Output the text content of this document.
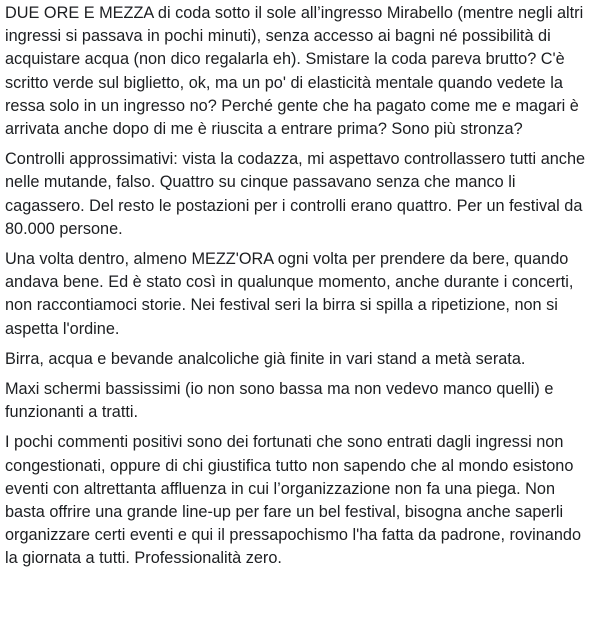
DUE ORE E MEZZA di coda sotto il sole all’ingresso Mirabello (mentre negli altri ingressi si passava in pochi minuti), senza accesso ai bagni né possibilità di acquistare acqua (non dico regalarla eh). Smistare la coda pareva brutto? C'è scritto verde sul biglietto, ok, ma un po' di elasticità mentale quando vedete la ressa solo in un ingresso no? Perché gente che ha pagato come me e magari è arrivata anche dopo di me è riuscita a entrare prima? Sono più stronza?

Controlli approssimativi: vista la codazza, mi aspettavo controllassero tutti anche nelle mutande, falso. Quattro su cinque passavano senza che manco li cagassero. Del resto le postazioni per i controlli erano quattro. Per un festival da 80.000 persone.

Una volta dentro, almeno MEZZ'ORA ogni volta per prendere da bere, quando andava bene. Ed è stato così in qualunque momento, anche durante i concerti, non raccontiamoci storie. Nei festival seri la birra si spilla a ripetizione, non si aspetta l'ordine.

Birra, acqua e bevande analcoliche già finite in vari stand a metà serata.

Maxi schermi bassissimi (io non sono bassa ma non vedevo manco quelli) e funzionanti a tratti.

I pochi commenti positivi sono dei fortunati che sono entrati dagli ingressi non congestionati, oppure di chi giustifica tutto non sapendo che al mondo esistono eventi con altrettanta affluenza in cui l’organizzazione non fa una piega. Non basta offrire una grande line-up per fare un bel festival, bisogna anche saperli organizzare certi eventi e qui il pressapochismo l'ha fatta da padrone, rovinando la giornata a tutti. Professionalità zero.
